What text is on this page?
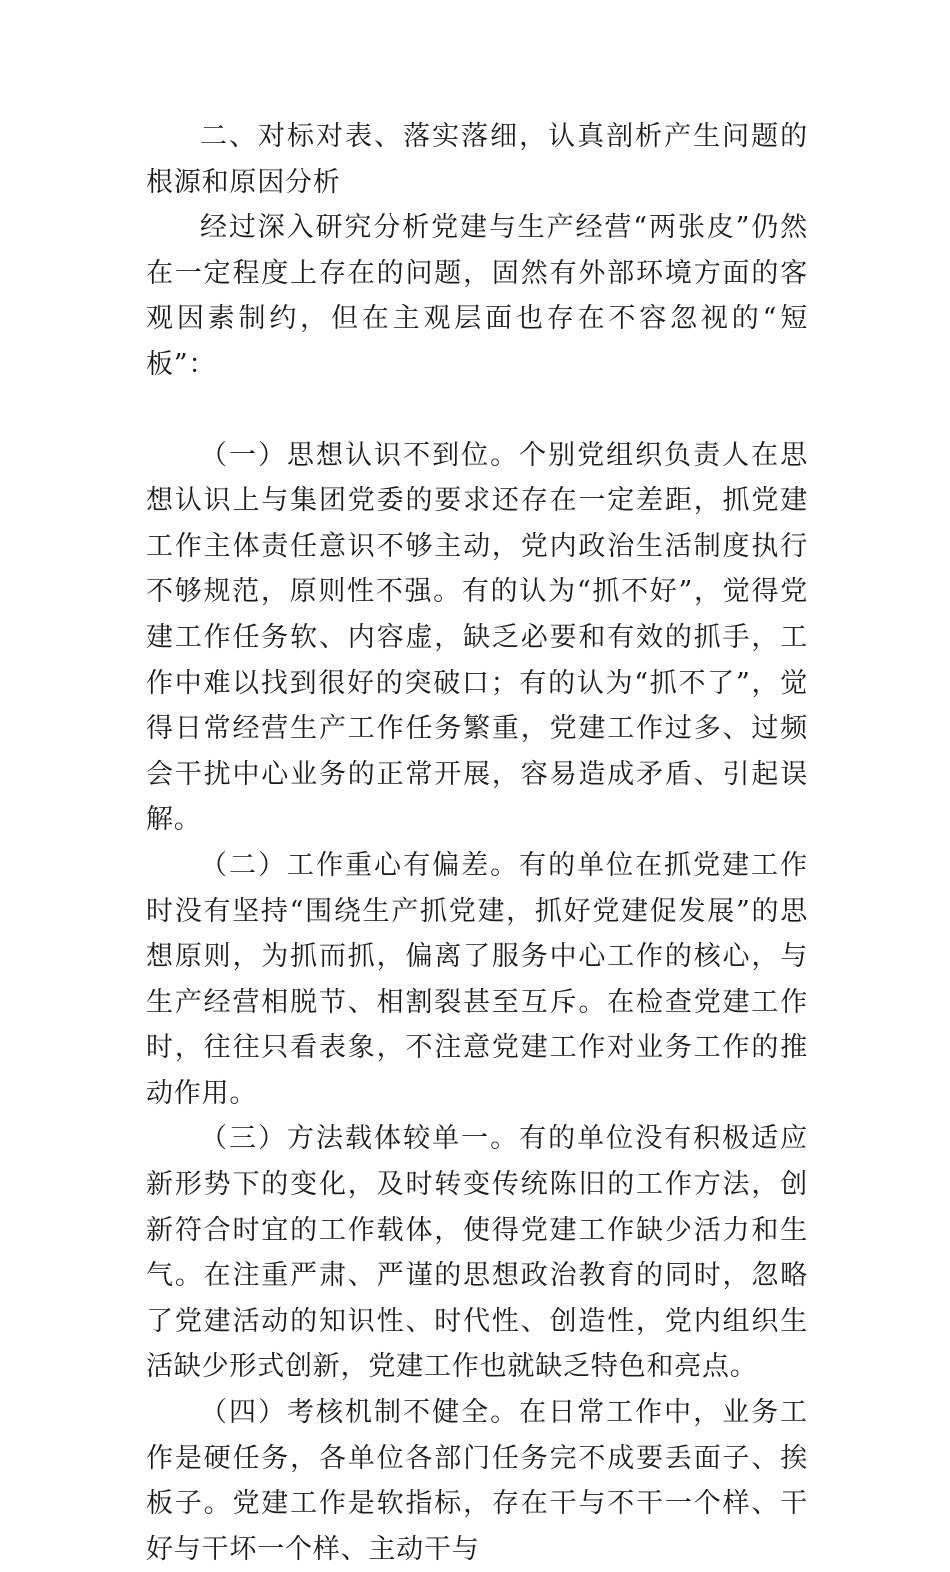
二、对标对表、落实落细，认真剖析产生问题的根源和原因分析

经过深入研究分析党建与生产经营“两张皮”仍然在一定程度上存在的问题，固然有外部环境方面的客观因素制约，但在主观层面也存在不容忽视的“短板”：

（一）思想认识不到位。个别党组织负责人在思想认识上与集团党委的要求还存在一定差距，抓党建工作主体责任意识不够主动，党内政治生活制度执行不够规范，原则性不强。有的认为“抓不好”，觉得党建工作任务软、内容虚，缺乏必要和有效的抓手，工作中难以找到很好的突破口；有的认为“抓不了”，觉得日常经营生产工作任务繁重，党建工作过多、过频会干扰中心业务的正常开展，容易造成矛盾、引起误解。

（二）工作重心有偏差。有的单位在抓党建工作时没有坚持“围绕生产抓党建，抓好党建促发展”的思想原则，为抓而抓，偏离了服务中心工作的核心，与生产经营相脱节、相割裂甚至互斥。在检查党建工作时，往往只看表象，不注意党建工作对业务工作的推动作用。

（三）方法载体较单一。有的单位没有积极适应新形势下的变化，及时转变传统陈旧的工作方法，创新符合时宜的工作载体，使得党建工作缺少活力和生气。在注重严肃、严谨的思想政治教育的同时，忽略了党建活动的知识性、时代性、创造性，党内组织生活缺少形式创新，党建工作也就缺乏特色和亮点。

（四）考核机制不健全。在日常工作中，业务工作是硬任务，各单位各部门任务完不成要丢面子、挨板子。党建工作是软指标，存在干与不干一个样、干好与干坏一个样、主动干与
